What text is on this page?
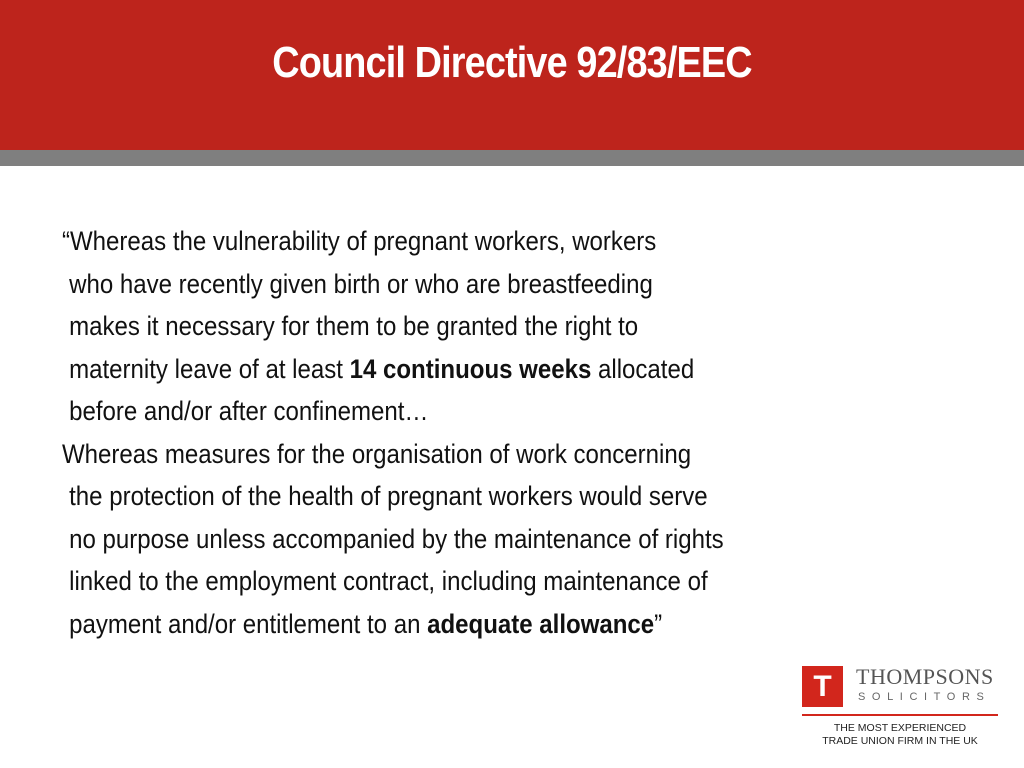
Council Directive 92/83/EEC

“Whereas the vulnerability of pregnant workers, workers
who have recently given birth or who are breastfeeding
makes it necessary for them to be granted the right to
maternity leave of at least 14 continuous weeks allocated
before and/or after confinement…

Whereas measures for the organisation of work concerning
the protection of the health of pregnant workers would serve
no purpose unless accompanied by the maintenance of rights
linked to the employment contract, including maintenance of
payment and/or entitlement to an adequate allowance”

T	THOMPSONS
SOLICITORS
THE MOST EXPERIENCED
TRADE UNION FIRM IN THE UK
